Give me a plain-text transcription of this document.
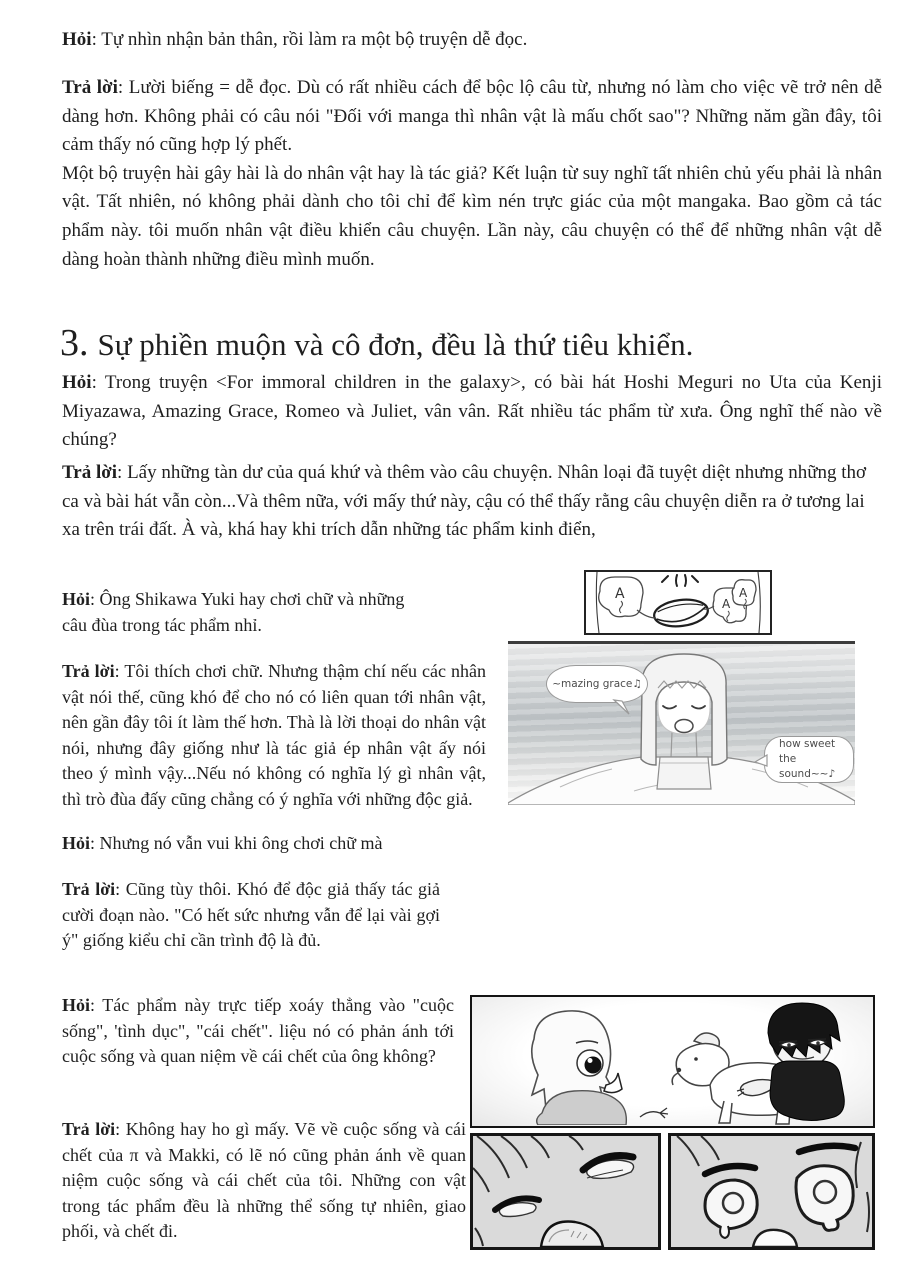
Hỏi: Tự nhìn nhận bản thân, rồi làm ra một bộ truyện dễ đọc.

Trả lời: Lười biếng = dễ đọc. Dù có rất nhiều cách để bộc lộ câu từ, nhưng nó làm cho việc vẽ trở nên dễ dàng hơn. Không phải có câu nói "Đối với manga thì nhân vật là mấu chốt sao"? Những năm gần đây, tôi cảm thấy nó cũng hợp lý phết.

Một bộ truyện hài gây hài là do nhân vật hay là tác giả? Kết luận từ suy nghĩ tất nhiên chủ yếu phải là nhân vật. Tất nhiên, nó không phải dành cho tôi chỉ để kìm nén trực giác của một mangaka. Bao gồm cả tác phẩm này. tôi muốn nhân vật điều khiển câu chuyện. Lần này, câu chuyện có thể để những nhân vật dễ dàng hoàn thành những điều mình muốn.

3. Sự phiền muộn và cô đơn, đều là thứ tiêu khiển.

Hỏi: Trong truyện <For immoral children in the galaxy>, có bài hát Hoshi Meguri no Uta của Kenji Miyazawa, Amazing Grace, Romeo và Juliet, vân vân. Rất nhiều tác phẩm từ xưa. Ông nghĩ thế nào về chúng?

Trả lời: Lấy những tàn dư của quá khứ và thêm vào câu chuyện. Nhân loại đã tuyệt diệt nhưng những thơ ca và bài hát vẫn còn...Và thêm nữa, với mấy thứ này, cậu có thể thấy rằng câu chuyện diễn ra ở tương lai xa trên trái đất. À và, khá hay khi trích dẫn những tác phẩm kinh điển,

Hỏi: Ông Shikawa Yuki hay chơi chữ và những câu đùa trong tác phẩm nhỉ.

Trả lời: Tôi thích chơi chữ. Nhưng thậm chí nếu các nhân vật nói thế, cũng khó để cho nó có liên quan tới nhân vật, nên gần đây tôi ít làm thế hơn. Thà là lời thoại do nhân vật nói, nhưng đây giống như là tác giả ép nhân vật ấy nói theo ý mình vậy...Nếu nó không có nghĩa lý gì nhân vật, thì trò đùa đấy cũng chẳng có ý nghĩa với những độc giả.

Hỏi: Nhưng nó vẫn vui khi ông chơi chữ mà

Trả lời: Cũng tùy thôi. Khó để độc giả thấy tác giả cười đoạn nào. "Có hết sức nhưng vẫn để lại vài gợi ý" giống kiểu chỉ cần trình độ là đủ.

Hỏi: Tác phẩm này trực tiếp xoáy thẳng vào "cuộc sống", 'tình dục", "cái chết". liệu nó có phản ánh tới cuộc sống và quan niệm về cái chết của ông không?

Trả lời: Không hay ho gì mấy. Vẽ về cuộc sống và cái chết của π và Makki, có lẽ nó cũng phản ánh về quan niệm cuộc sống và cái chết của tôi. Những con vật trong tác phẩm đều là những thể sống tự nhiên, giao phối, và chết đi.

A
A
A
~mazing grace♫
how sweet
the sound~~♪
